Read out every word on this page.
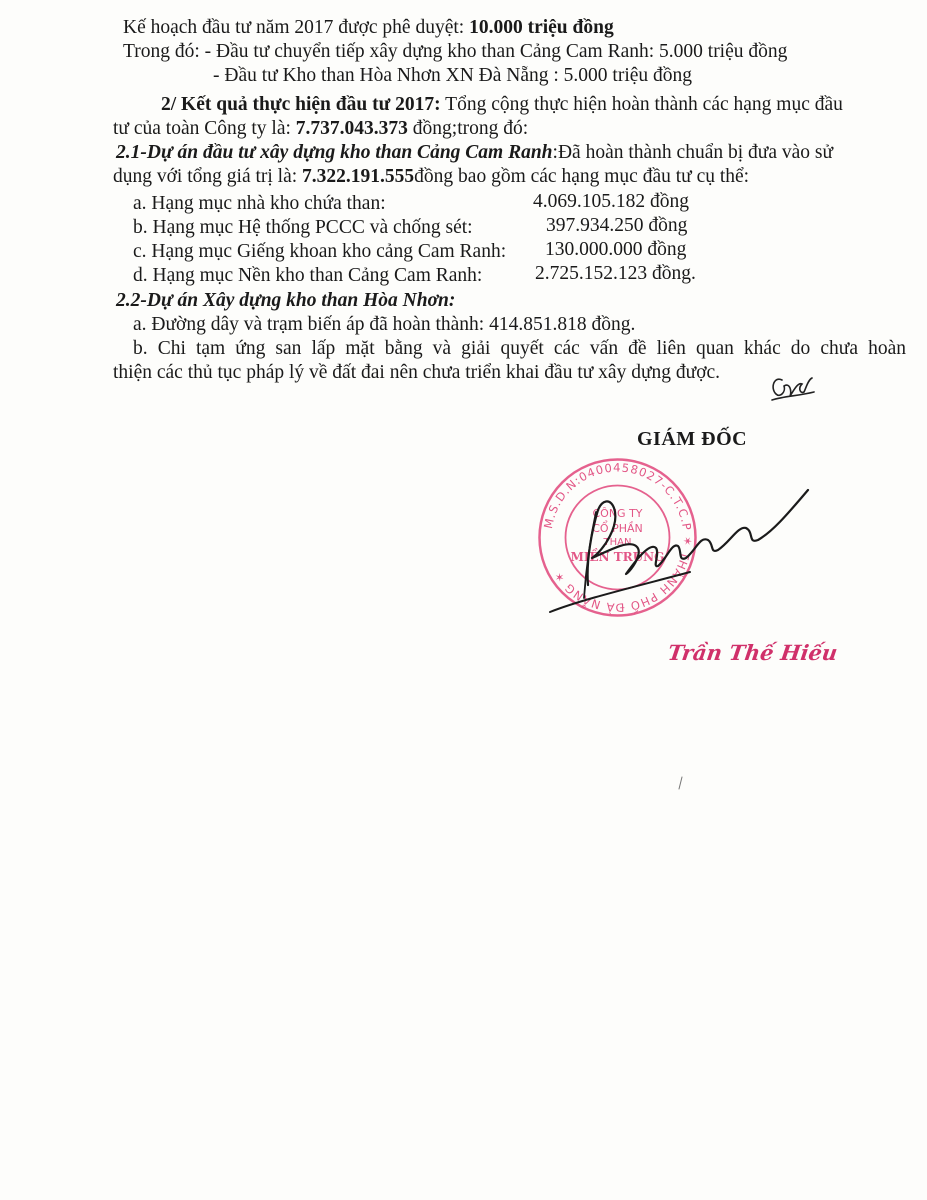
Kế hoạch đầu tư năm 2017 được phê duyệt: 10.000 triệu đồng
Trong đó: - Đầu tư chuyển tiếp xây dựng kho than Cảng Cam Ranh: 5.000 triệu đồng
- Đầu tư Kho than Hòa Nhơn XN Đà Nẵng : 5.000 triệu đồng
2/ Kết quả thực hiện đầu tư 2017: Tổng cộng thực hiện hoàn thành các hạng mục đầu
tư của toàn Công ty là: 7.737.043.373 đồng;trong đó:
2.1-Dự án đầu tư xây dựng kho than Cảng Cam Ranh:Đã hoàn thành chuẩn bị đưa vào sử
dụng với tổng giá trị là: 7.322.191.555đồng bao gồm các hạng mục đầu tư cụ thể:
a. Hạng mục nhà kho chứa than:	4.069.105.182 đồng
b. Hạng mục Hệ thống PCCC và chống sét:	397.934.250 đồng
c. Hạng mục Giếng khoan kho cảng Cam Ranh: 130.000.000 đồng
d. Hạng mục Nền kho than Cảng Cam Ranh:	2.725.152.123 đồng.
2.2-Dự án Xây dựng kho than Hòa Nhơn:
a. Đường dây và trạm biến áp đã hoàn thành: 414.851.818 đồng.
b. Chi tạm ứng san lấp mặt bằng và giải quyết các vấn đề liên quan khác do chưa hoàn
thiện các thủ tục pháp lý về đất đai nên chưa triển khai đầu tư xây dựng được.
GIÁM ĐỐC
M.S.D.N:0400458027-C.T.C.P ✶ THÀNH PHỐ ĐÀ NẴNG ✶
CÔNG TY
CỔ PHẦN
THAN
MIỀN TRUNG
Trần Thế Hiếu
